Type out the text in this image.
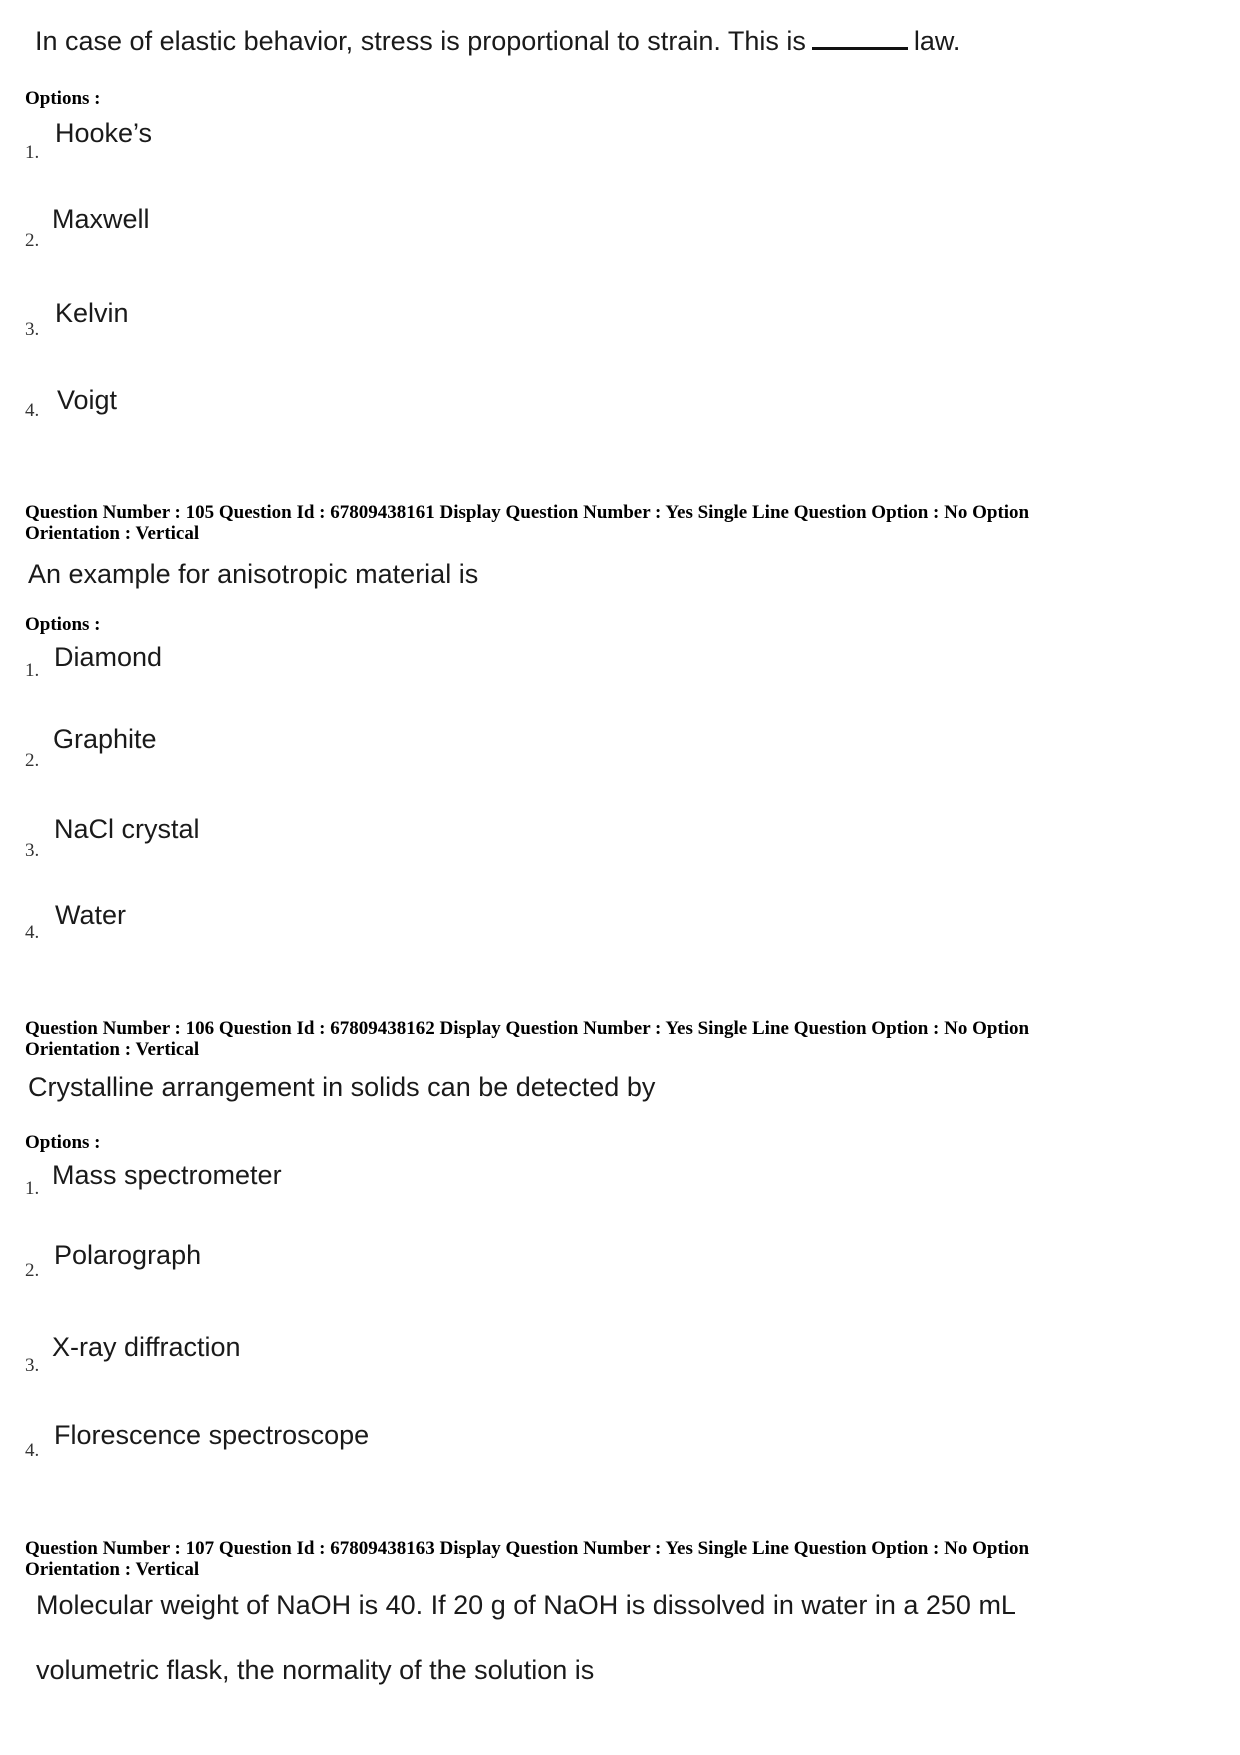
In case of elastic behavior, stress is proportional to strain. This is	law.
Options :
1.
Hooke’s
2.
Maxwell
3.
Kelvin
4. Voigt
Question Number : 105 Question Id : 67809438161 Display Question Number : Yes Single Line Question Option : No Option
Orientation : Vertical
An example for anisotropic material is
Options :
1. Diamond
2.
Graphite
3.
NaCl crystal
4.
Water
Question Number : 106 Question Id : 67809438162 Display Question Number : Yes Single Line Question Option : No Option
Orientation : Vertical
Crystalline arrangement in solids can be detected by
Options :
1. Mass spectrometer
2.
Polarograph
3.
X-ray diffraction
4.
Florescence spectroscope
Question Number : 107 Question Id : 67809438163 Display Question Number : Yes Single Line Question Option : No Option
Orientation : Vertical
Molecular weight of NaOH is 40. If 20 g of NaOH is dissolved in water in a 250 mL
volumetric flask, the normality of the solution is
